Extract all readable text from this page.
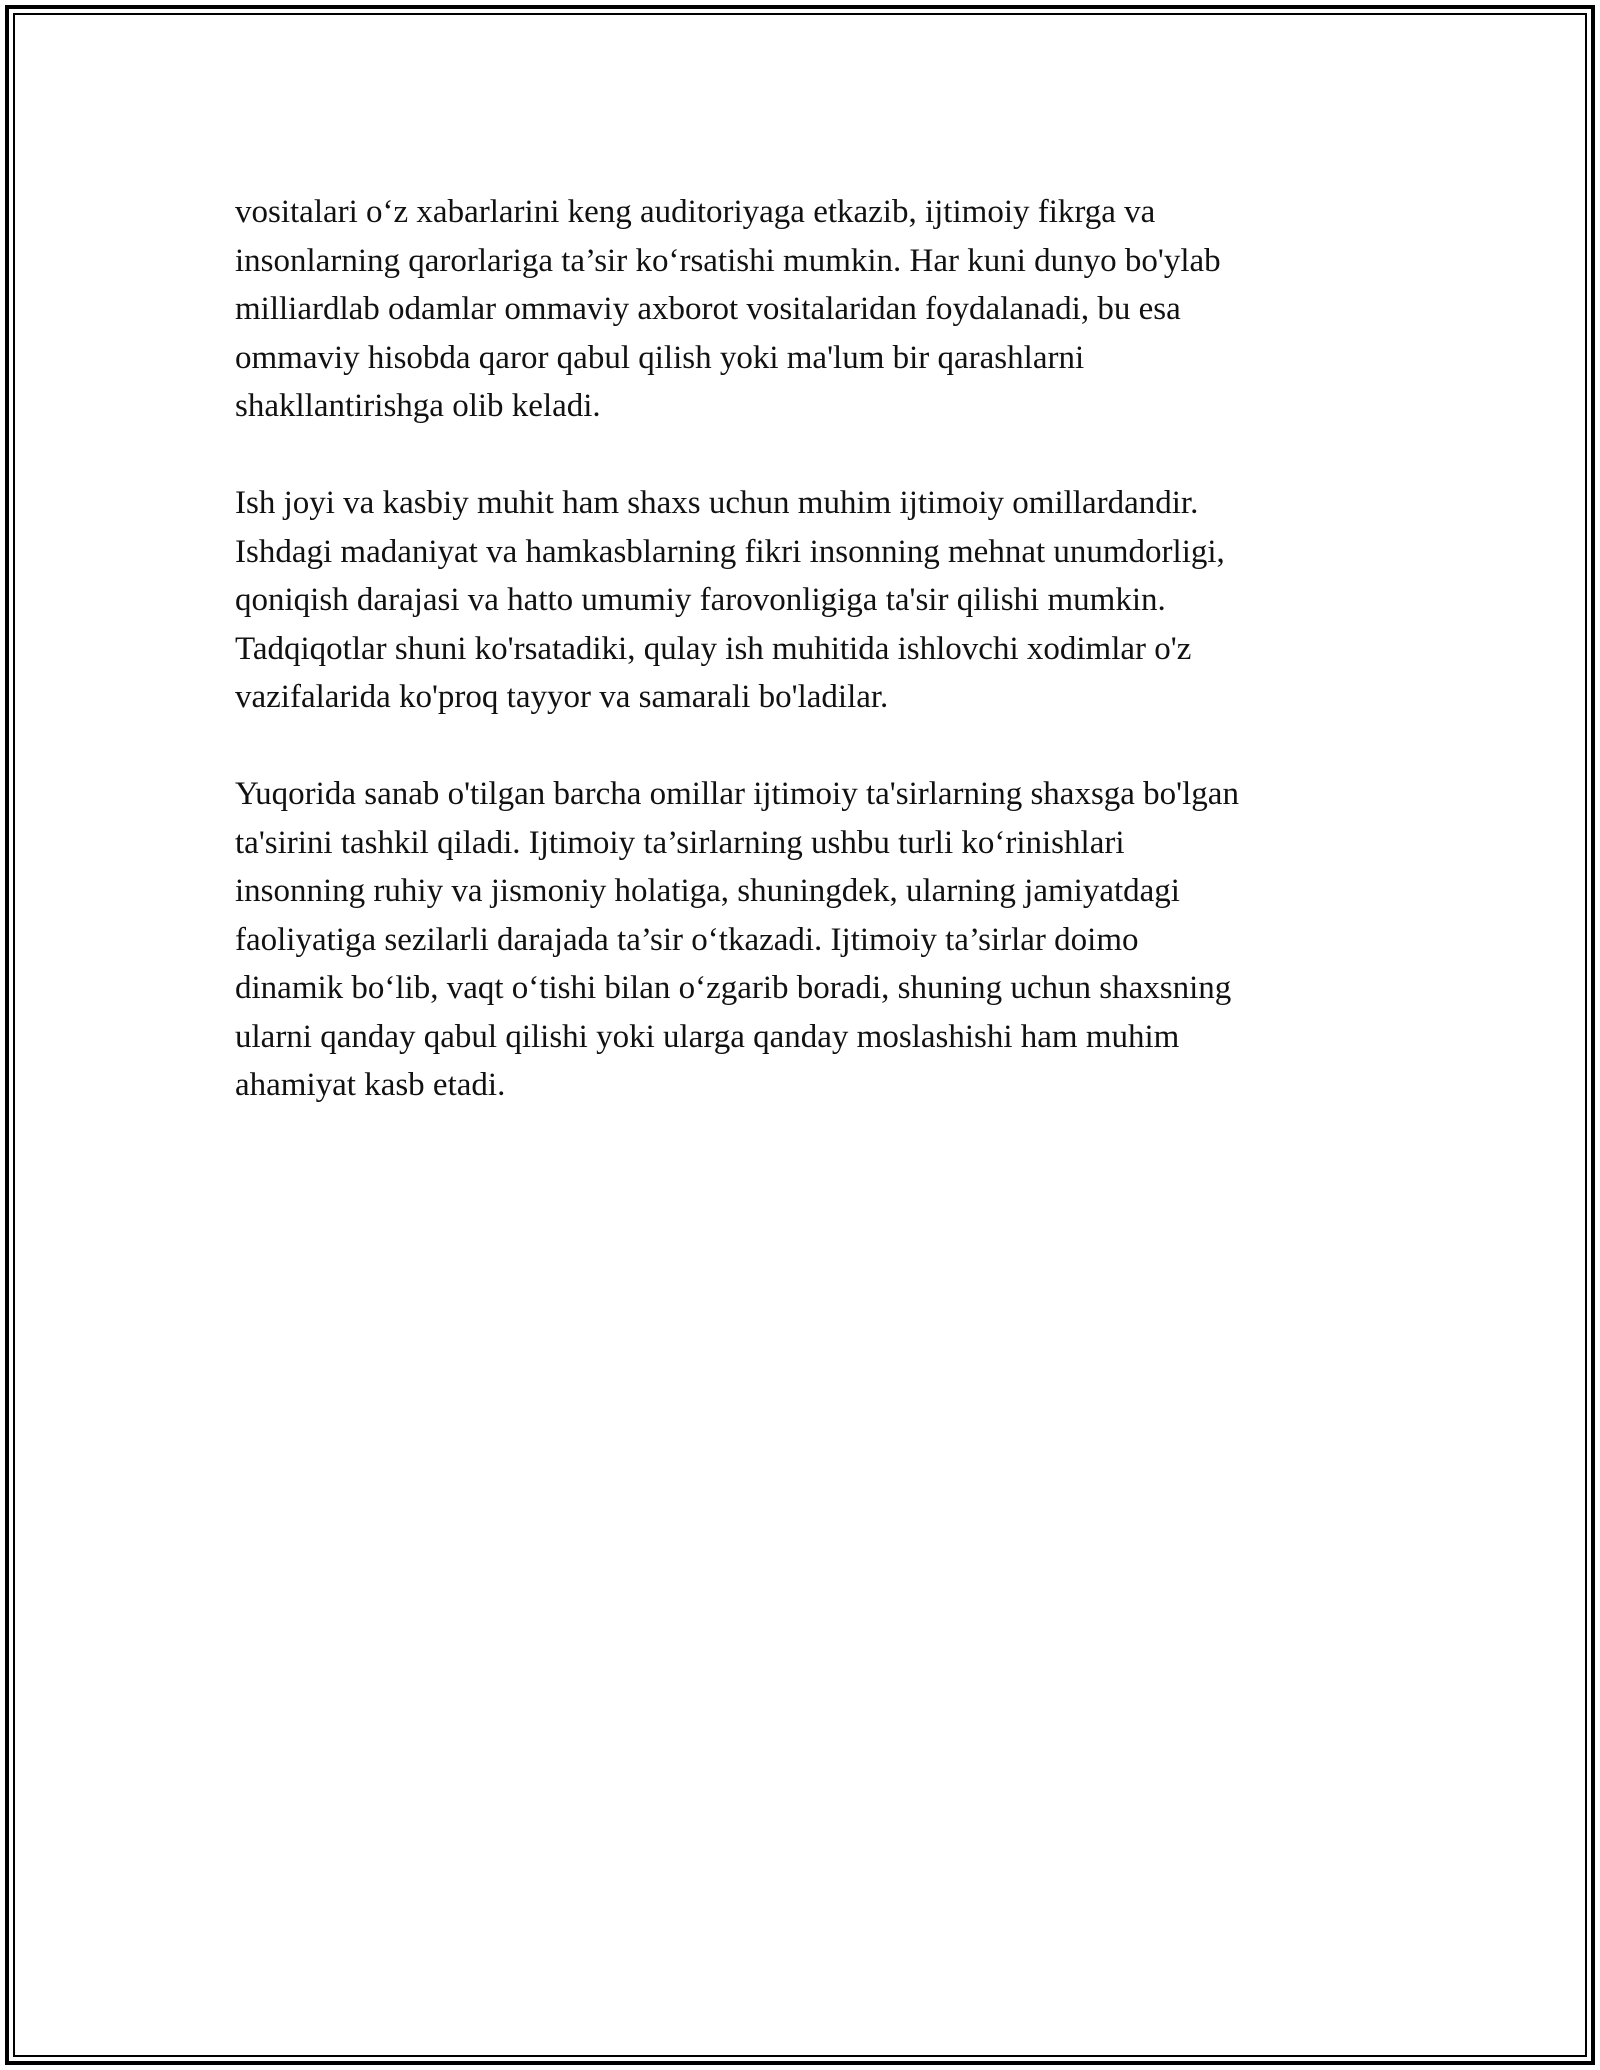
vositalari o‘z xabarlarini keng auditoriyaga etkazib, ijtimoiy fikrga va
insonlarning qarorlariga ta’sir ko‘rsatishi mumkin. Har kuni dunyo bo'ylab
milliardlab odamlar ommaviy axborot vositalaridan foydalanadi, bu esa
ommaviy hisobda qaror qabul qilish yoki ma'lum bir qarashlarni
shakllantirishga olib keladi.
Ish joyi va kasbiy muhit ham shaxs uchun muhim ijtimoiy omillardandir.
Ishdagi madaniyat va hamkasblarning fikri insonning mehnat unumdorligi,
qoniqish darajasi va hatto umumiy farovonligiga ta'sir qilishi mumkin.
Tadqiqotlar shuni ko'rsatadiki, qulay ish muhitida ishlovchi xodimlar o'z
vazifalarida ko'proq tayyor va samarali bo'ladilar.
Yuqorida sanab o'tilgan barcha omillar ijtimoiy ta'sirlarning shaxsga bo'lgan
ta'sirini tashkil qiladi. Ijtimoiy ta’sirlarning ushbu turli ko‘rinishlari
insonning ruhiy va jismoniy holatiga, shuningdek, ularning jamiyatdagi
faoliyatiga sezilarli darajada ta’sir o‘tkazadi. Ijtimoiy ta’sirlar doimo
dinamik bo‘lib, vaqt o‘tishi bilan o‘zgarib boradi, shuning uchun shaxsning
ularni qanday qabul qilishi yoki ularga qanday moslashishi ham muhim
ahamiyat kasb etadi.
